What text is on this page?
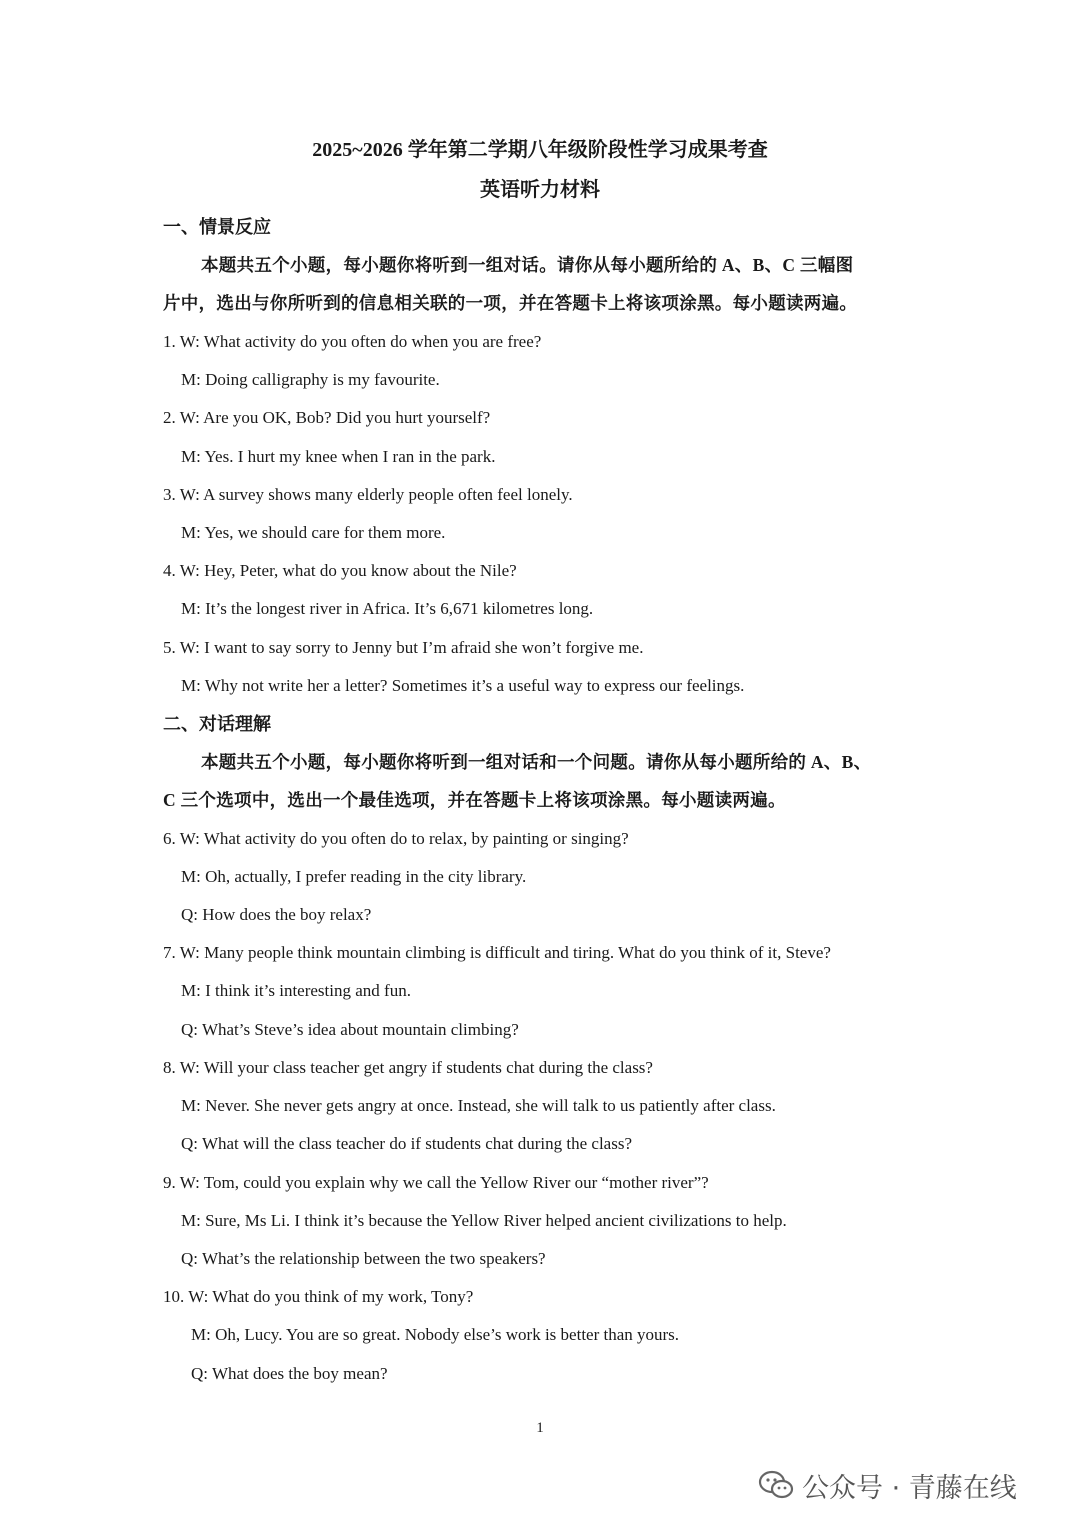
2025~2026 学年第二学期八年级阶段性学习成果考查
英语听力材料
一、情景反应
本题共五个小题，每小题你将听到一组对话。请你从每小题所给的 A、B、C 三幅图
片中，选出与你所听到的信息相关联的一项，并在答题卡上将该项涂黑。每小题读两遍。
1. W: What activity do you often do when you are free?
M: Doing calligraphy is my favourite.
2. W: Are you OK, Bob? Did you hurt yourself?
M: Yes. I hurt my knee when I ran in the park.
3. W: A survey shows many elderly people often feel lonely.
M: Yes, we should care for them more.
4. W: Hey, Peter, what do you know about the Nile?
M: It’s the longest river in Africa. It’s 6,671 kilometres long.
5. W: I want to say sorry to Jenny but I’m afraid she won’t forgive me.
M: Why not write her a letter? Sometimes it’s a useful way to express our feelings.
二、对话理解
本题共五个小题，每小题你将听到一组对话和一个问题。请你从每小题所给的 A、B、
C 三个选项中，选出一个最佳选项，并在答题卡上将该项涂黑。每小题读两遍。
6. W: What activity do you often do to relax, by painting or singing?
M: Oh, actually, I prefer reading in the city library.
Q: How does the boy relax?
7. W: Many people think mountain climbing is difficult and tiring. What do you think of it, Steve?
M: I think it’s interesting and fun.
Q: What’s Steve’s idea about mountain climbing?
8. W: Will your class teacher get angry if students chat during the class?
M: Never. She never gets angry at once. Instead, she will talk to us patiently after class.
Q: What will the class teacher do if students chat during the class?
9. W: Tom, could you explain why we call the Yellow River our “mother river”?
M: Sure, Ms Li. I think it’s because the Yellow River helped ancient civilizations to help.
Q: What’s the relationship between the two speakers?
10. W: What do you think of my work, Tony?
M: Oh, Lucy. You are so great. Nobody else’s work is better than yours.
Q: What does the boy mean?
1
公众号 · 青藤在线
